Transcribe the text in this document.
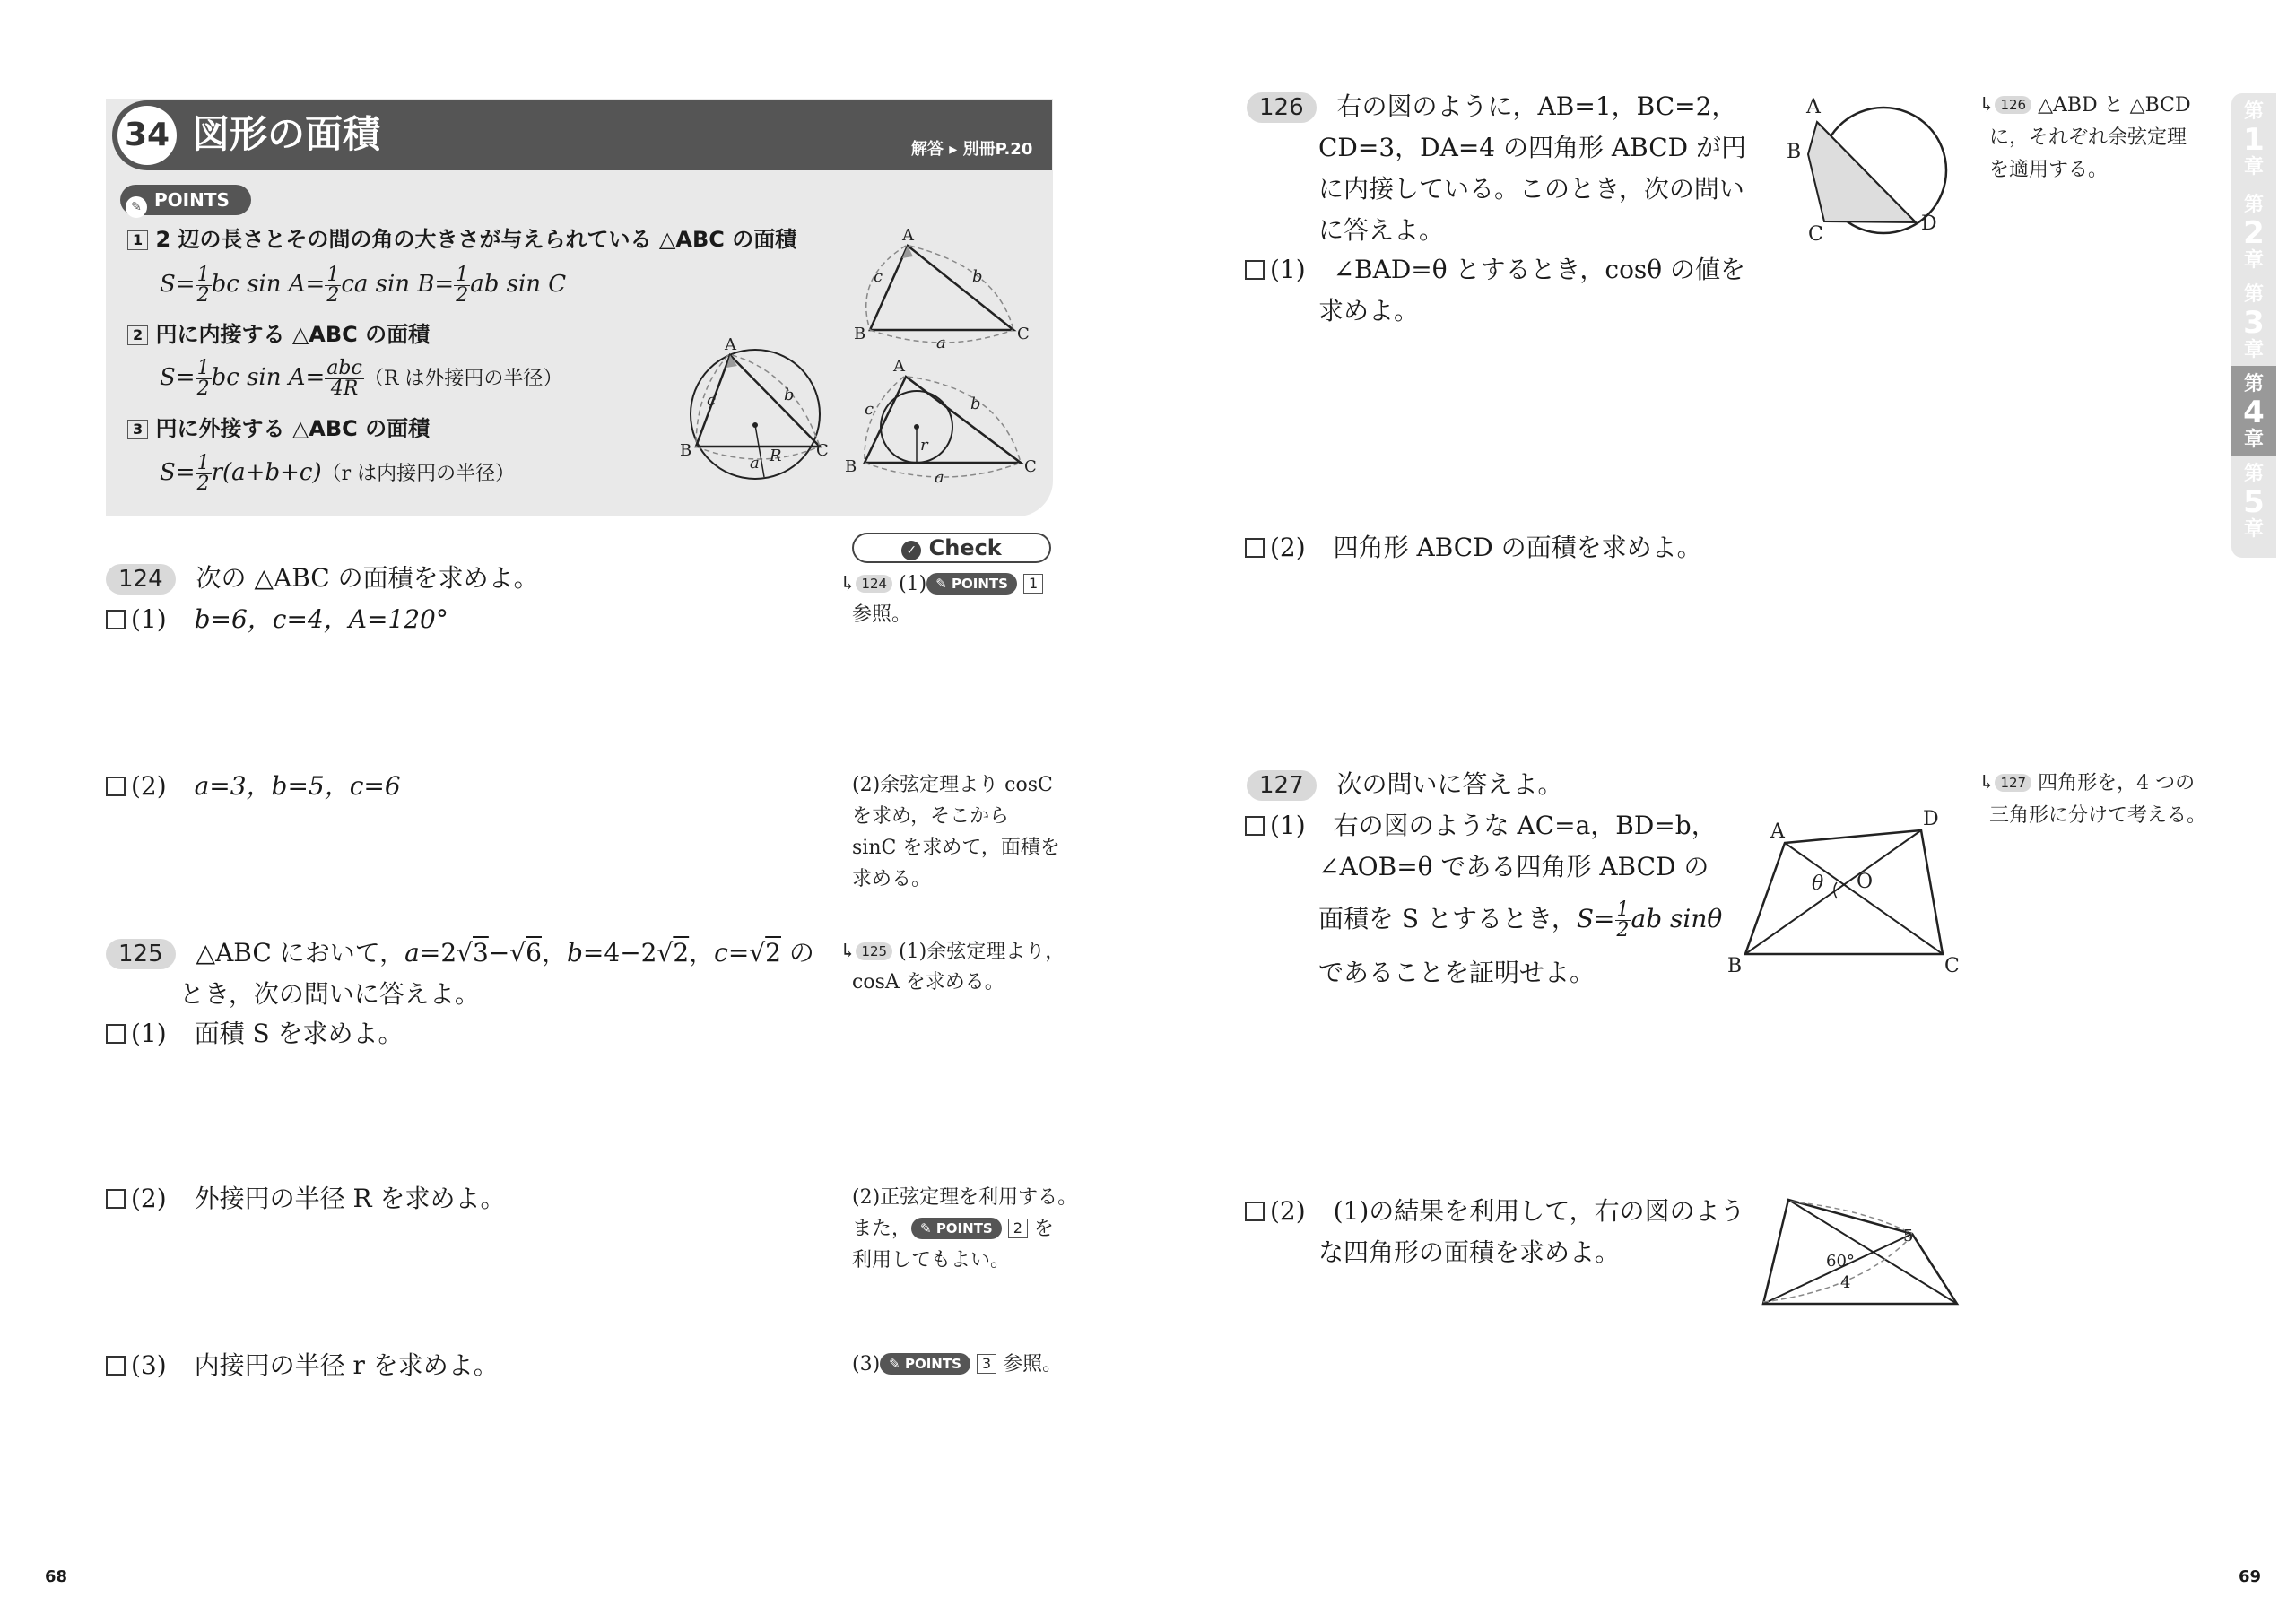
34 図形の面積	解答 ▸ 別冊P.20
✎ POINTS
1 2 辺の長さとその間の角の大きさが与えられている △ABC の面積
$S= \frac{1}{2}$ bc $\sin A= \frac{1}{2}$ ca $\sin B= \frac{1}{2}$ ab sin C
2 円に内接する △ABC の面積
$S= \frac{1}{2}$ bc $\sin A= \frac{\text{abc}}{4R} (R$ は外接円の半径）
3 円に外接する △ABC の面積
$S= \frac{1}{2} r(a+b+c)(r$ は内接円の半径）
A
B	C
c	b
a
A
B	C
c	b
a R
A
B	C
c	b
r
a
✓ Check
124 次の △ABC の面積を求めよ。
(1) b=6，c=4，A=120°
(2) a=3，b=5，c=6
↳ 124 (1) ✎ POINTS 1
参照。
(2)余弦定理より cosC
を求め，そこから
sinC を求めて，面積を
求める。
125 △ABC において，a=2√3−√6，b=4−2√2，c=√2 の
とき，次の問いに答えよ。
(1) 面積 S を求めよ。
(2) 外接円の半径 R を求めよ。
(3) 内接円の半径 r を求めよ。
↳ 125 (1)余弦定理より，
cosA を求める。
(2)正弦定理を利用する。
また， ✎ POINTS 2 を
利用してもよい。
(3) ✎ POINTS 3 参照。
126 右の図のように，AB=1，BC=2，
CD=3，DA=4 の四角形 ABCD が円
に内接している。このとき，次の問い
に答えよ。
(1) ∠BAD=θ とするとき，cosθ の値を
求めよ。
(2) 四角形 ABCD の面積を求めよ。
A
B
C	D
↳ 126 △ABD と △BCD
に，それぞれ余弦定理
を適用する。
127 次の問いに答えよ。
(1) 右の図のような AC=a，BD=b，
∠AOB=θ である四角形 ABCD の
面積を S とするとき，$S= \frac{1}{2}$ ab sinθ
であることを証明せよ。
(2) (1)の結果を利用して，右の図のよう
な四角形の面積を求めよ。
A
D
B	C
O
θ
5
60°
4
↳ 127 四角形を，4 つの
三角形に分けて考える。
第
1
章
第
2
章
第
3
章
第
4
章
第
5
章
68	69
